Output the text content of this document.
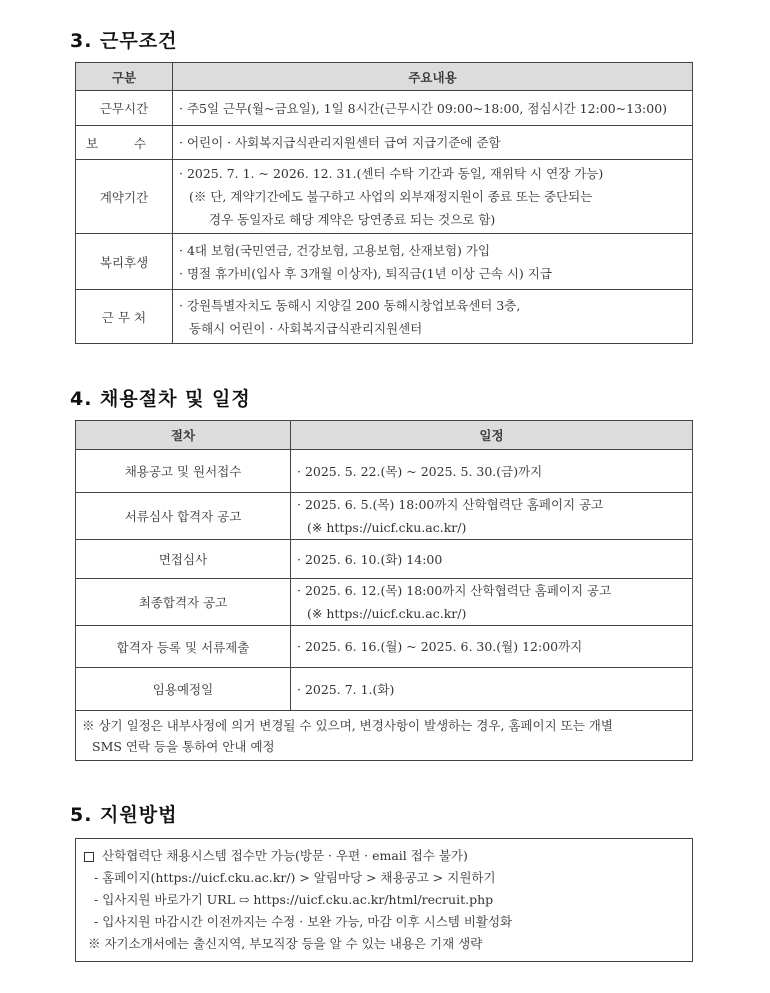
3. 근무조건
구분	주요내용
근무시간	· 주5일 근무(월~금요일), 1일 8시간(근무시간 09:00~18:00, 점심시간 12:00~13:00)

보 수	· 어린이 · 사회복지급식관리지원센터 급여 지급기준에 준함

계약기간	· 2025. 7. 1. ~ 2026. 12. 31.(센터 수탁 기간과 동일, 재위탁 시 연장 가능)
(※ 단, 계약기간에도 불구하고 사업의 외부재정지원이 종료 또는 중단되는
경우 동일자로 해당 계약은 당연종료 되는 것으로 함)

복리후생	· 4대 보험(국민연금, 건강보험, 고용보험, 산재보험) 가입
· 명절 휴가비(입사 후 3개월 이상자), 퇴직금(1년 이상 근속 시) 지급

근 무 처	· 강원특별자치도 동해시 지양길 200 동해시창업보육센터 3층,
동해시 어린이 · 사회복지급식관리지원센터
4. 채용절차 및 일정
절차	일정
채용공고 및 원서접수	· 2025. 5. 22.(목) ~ 2025. 5. 30.(금)까지

서류심사 합격자 공고	· 2025. 6. 5.(목) 18:00까지 산학협력단 홈페이지 공고
(※ https://uicf.cku.ac.kr/)

면접심사	· 2025. 6. 10.(화) 14:00

최종합격자 공고	· 2025. 6. 12.(목) 18:00까지 산학협력단 홈페이지 공고
(※ https://uicf.cku.ac.kr/)

합격자 등록 및 서류제출	· 2025. 6. 16.(월) ~ 2025. 6. 30.(월) 12:00까지

임용예정일	· 2025. 7. 1.(화)

※ 상기 일정은 내부사정에 의거 변경될 수 있으며, 변경사항이 발생하는 경우, 홈페이지 또는 개별
SMS 연락 등을 통하여 안내 예정	
5. 지원방법
산학협력단 채용시스템 접수만 가능(방문 · 우편 · email 접수 불가)
- 홈페이지(https://uicf.cku.ac.kr/) > 알림마당 > 채용공고 > 지원하기
- 입사지원 바로가기 URL ⇨ https://uicf.cku.ac.kr/html/recruit.php
- 입사지원 마감시간 이전까지는 수정 · 보완 가능, 마감 이후 시스템 비활성화
※ 자기소개서에는 출신지역, 부모직장 등을 알 수 있는 내용은 기재 생략
